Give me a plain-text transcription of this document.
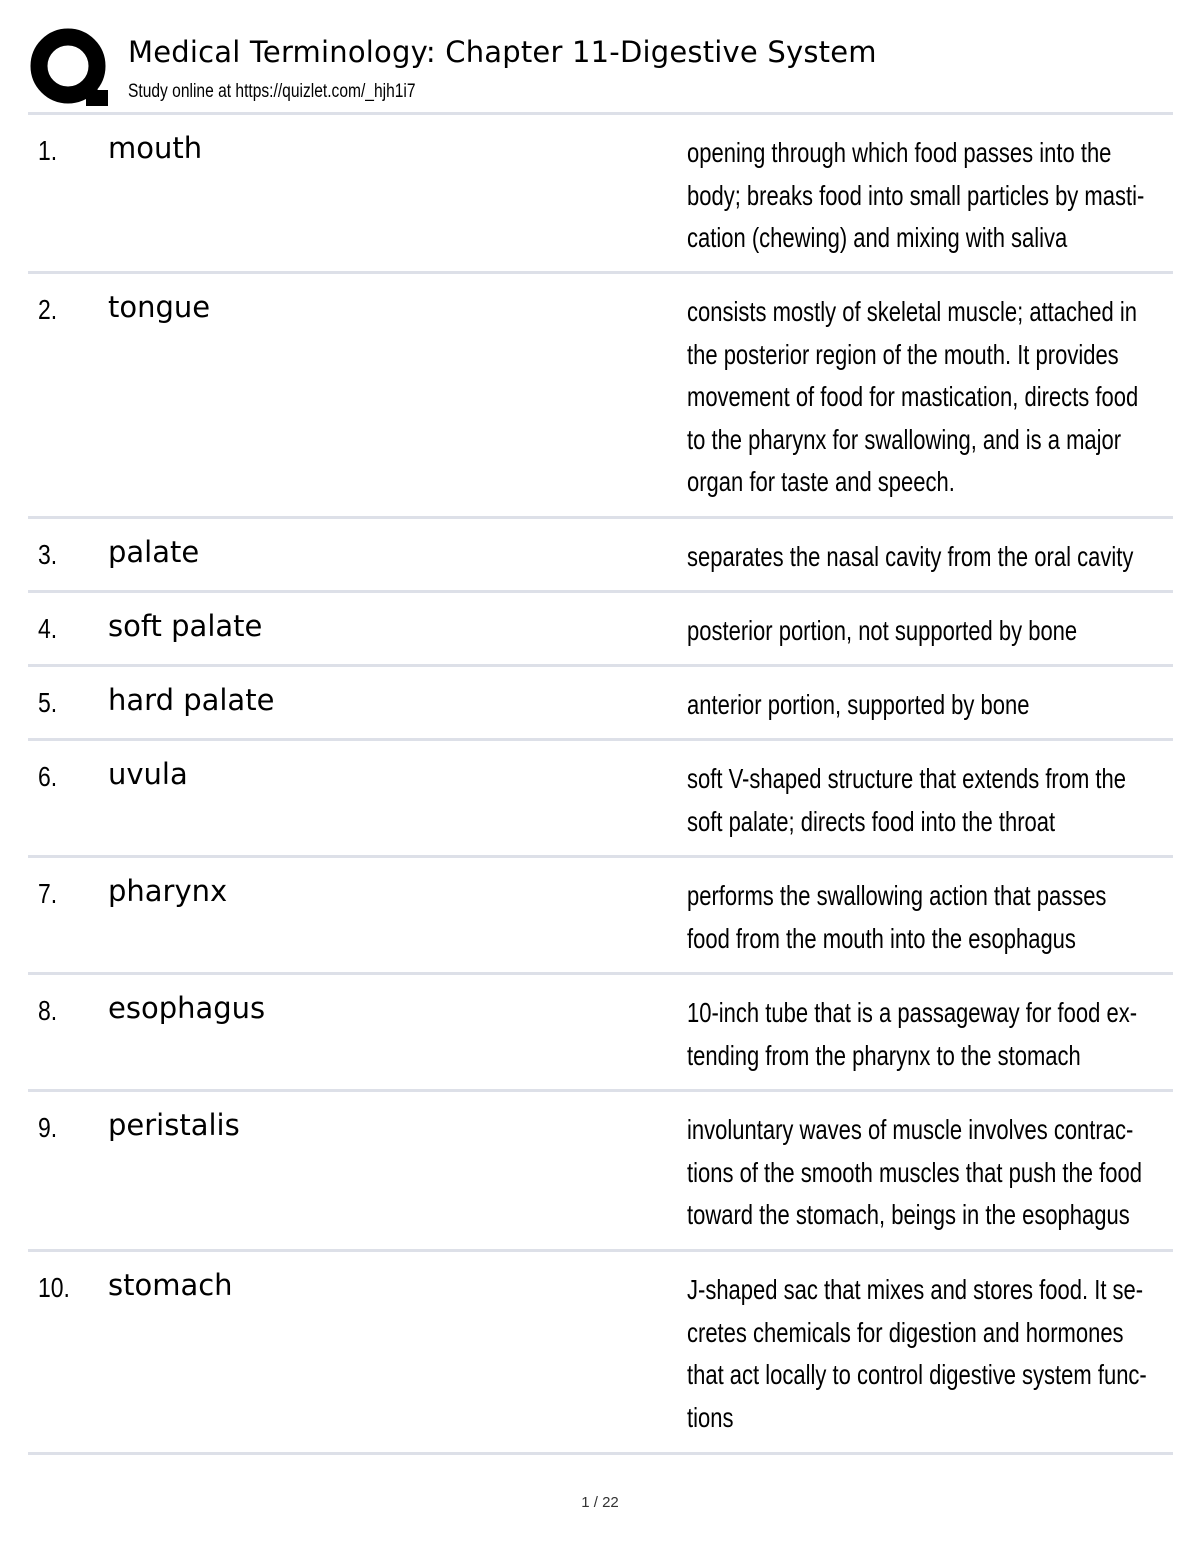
Medical Terminology: Chapter 11-Digestive System
Study online at https://quizlet.com/_hjh1i7
1. mouth	opening through which food passes into the body; breaks food into small particles by masti-
cation (chewing) and mixing with saliva
2. tongue	consists mostly of skeletal muscle; attached in the posterior region of the mouth. It provides movement of food for mastication, directs food to the pharynx for swallowing, and is a major organ for taste and speech.
3. palate	separates the nasal cavity from the oral cavity
4. soft palate	posterior portion, not supported by bone
5. hard palate	anterior portion, supported by bone
6. uvula	soft V-shaped structure that extends from the soft palate; directs food into the throat
7. pharynx	performs the swallowing action that passes food from the mouth into the esophagus
8. esophagus	10-inch tube that is a passageway for food ex-
tending from the pharynx to the stomach
9. peristalis	involuntary waves of muscle involves contrac-
tions of the smooth muscles that push the food toward the stomach, beings in the esophagus
10. stomach	J-shaped sac that mixes and stores food. It se-
cretes chemicals for digestion and hormones that act locally to control digestive system func-
tions
1 / 22
